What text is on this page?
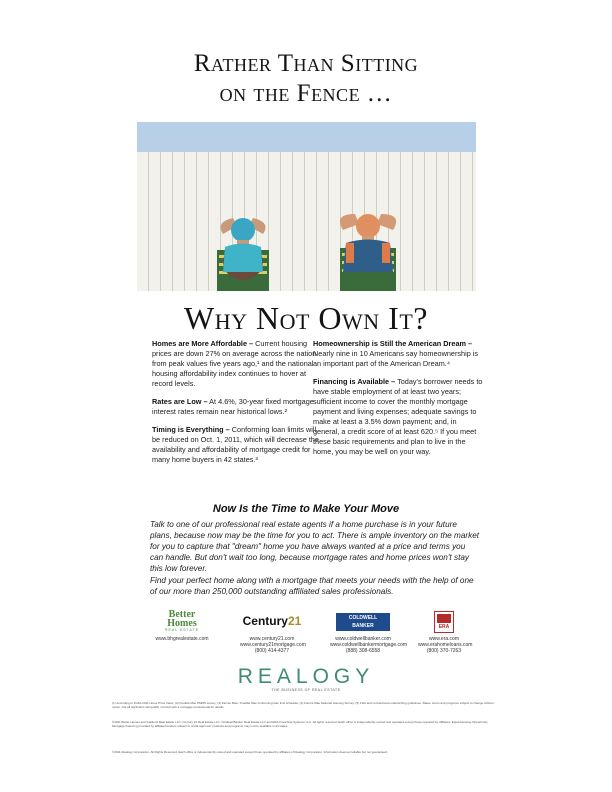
Rather Than Sitting
on the Fence …
Why Not Own It?

Homes are More Affordable – Current housing prices are down 27% on average across the nation from peak values five years ago,¹ and the national housing affordability index continues to hover at record levels.

Rates are Low – At 4.6%, 30-year fixed mortgage interest rates remain near historical lows.²

Timing is Everything – Conforming loan limits will be reduced on Oct. 1, 2011, which will decrease the availability and affordability of mortgage credit for many home buyers in 42 states.³

Homeownership is Still the American Dream – Nearly nine in 10 Americans say homeownership is an important part of the American Dream.⁴

Financing is Available – Today's borrower needs to have stable employment of at least two years; sufficient income to cover the monthly mortgage payment and living expenses; adequate savings to make at least a 3.5% down payment; and, in general, a credit score of at least 620.⁵ If you meet these basic requirements and plan to live in the home, you may be well on your way.

Now Is the Time to Make Your Move
Talk to one of our professional real estate agents if a home purchase is in your future plans, because now may be the time for you to act. There is ample inventory on the market for you to capture that "dream" home you have always wanted at a price and terms you can handle. But don't wait too long, because mortgage rates and home prices won't stay this low forever.
Find your perfect home along with a mortgage that meets your needs with the help of one of our more than 250,000 outstanding affiliated sales professionals.
Better
Homes
REAL ESTATE
www.bhgrealestate.com
Century21
www.century21.com
www.century21mortgage.com
(800) 414-4377
COLDWELL
BANKER
www.coldwellbanker.com
www.coldwellbankermortgage.com
(888) 308-6558
ERA
www.era.com
www.erahomeloans.com
(800) 370-7263
REALOGY
THE BUSINESS OF REAL ESTATE
(1) According to FHFA 2011 Home Price Index; (2) Freddie Mac PMMS survey; (3) Fannie Mae / Freddie Mac conforming loan limit schedule; (4) Fannie Mae National Housing Survey; (5) FHA and conventional underwriting guidelines. Rates, terms and programs subject to change without notice. Not all applicants will qualify. Consult with a mortgage professional for details.
©2011 Better Homes and Gardens Real Estate LLC, Century 21 Real Estate LLC, Coldwell Banker Real Estate LLC and ERA Franchise Systems LLC. All rights reserved. Each office is independently owned and operated except those operated by affiliates. Equal Housing Opportunity. Mortgage financing provided by affiliated lenders subject to credit approval; products and programs may not be available in all states.
©2011 Realogy Corporation. All Rights Reserved. Each office is independently owned and operated except those operated by affiliates of Realogy Corporation. Information deemed reliable but not guaranteed.
